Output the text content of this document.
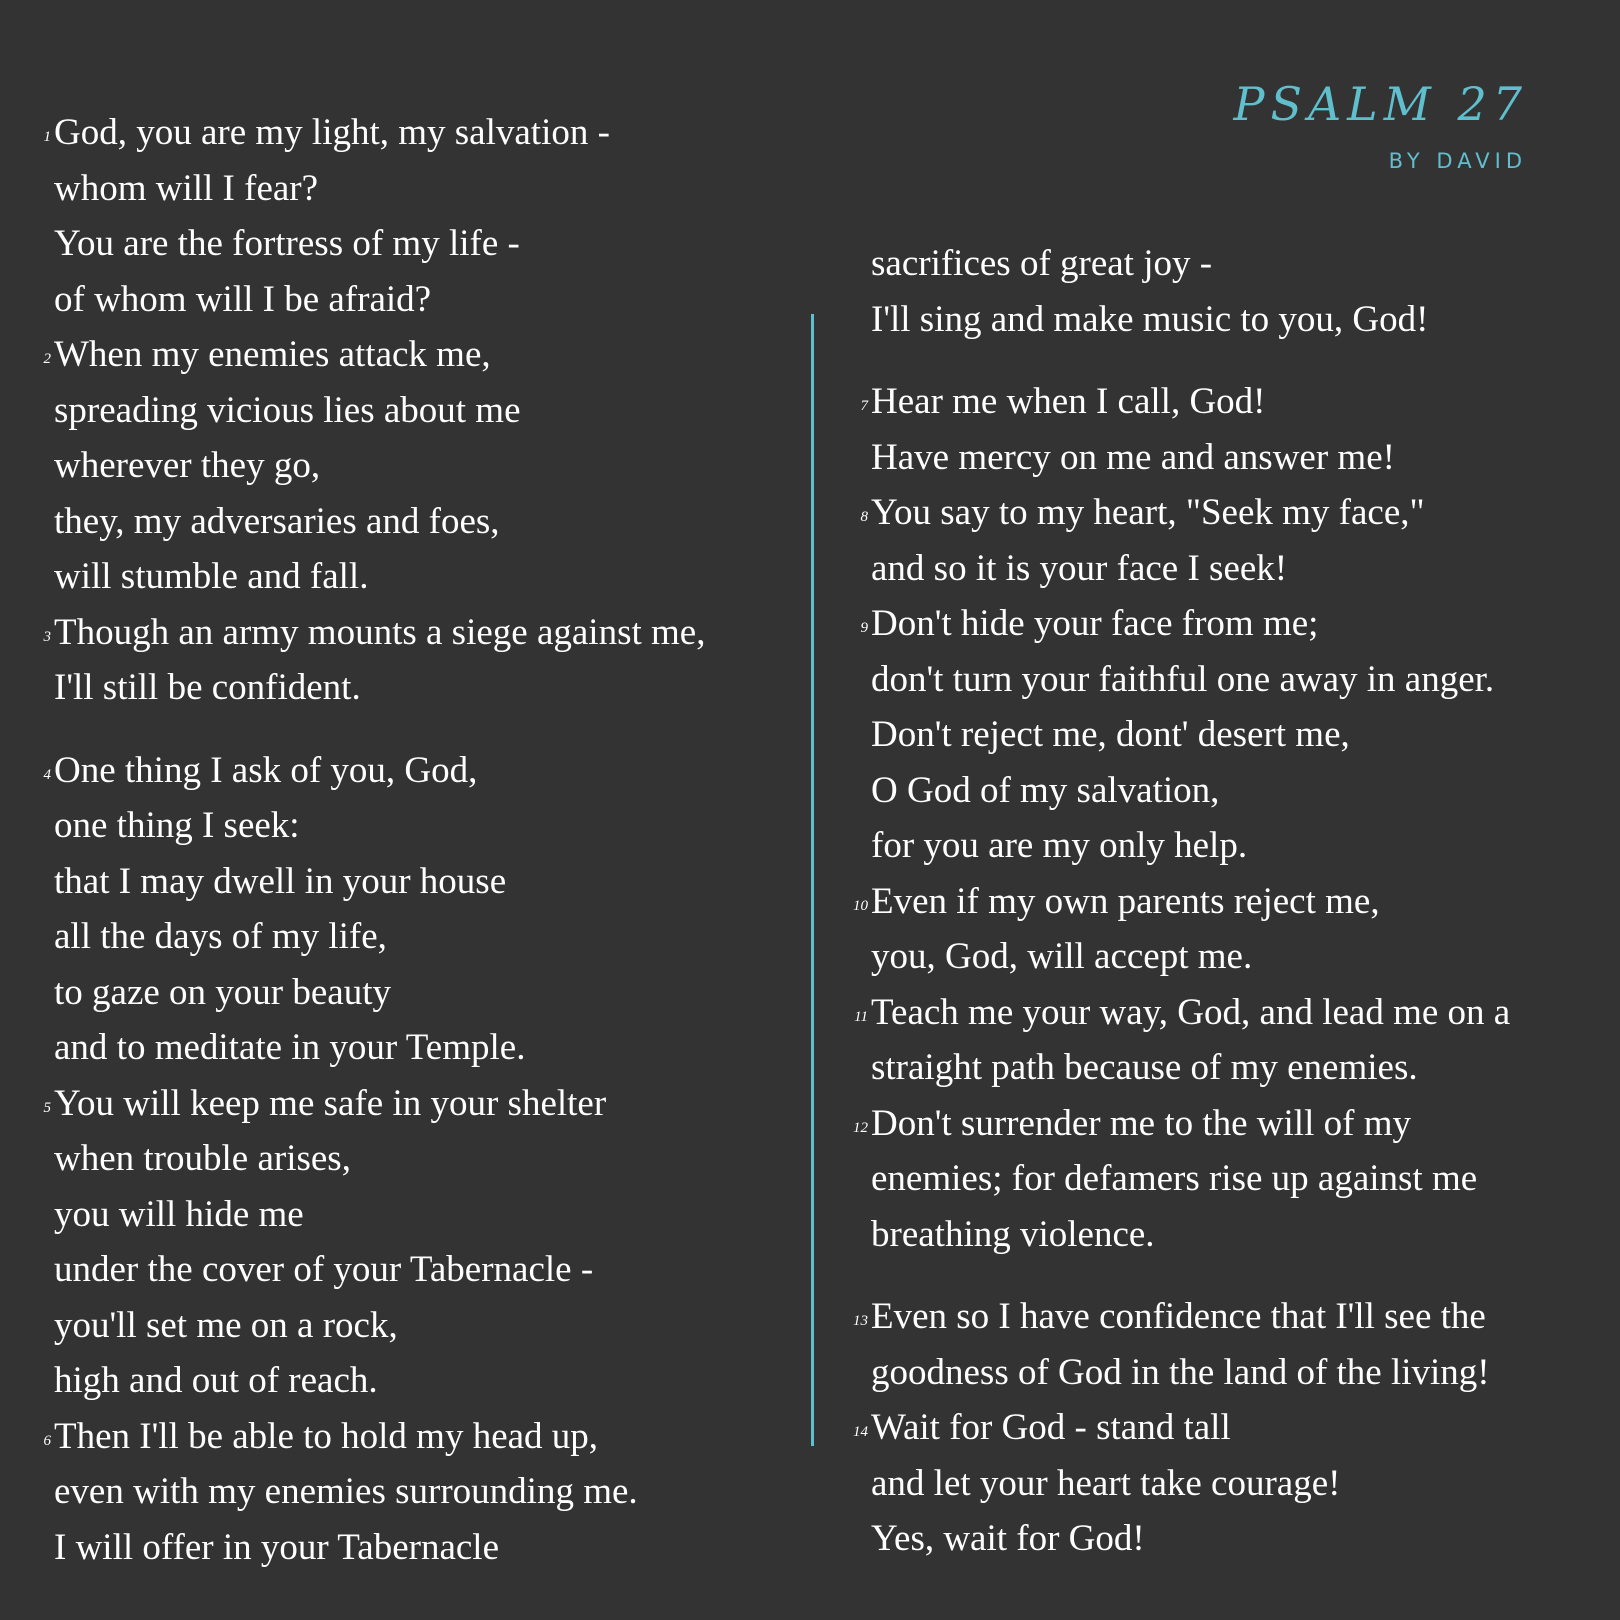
PSALM 27
BY DAVID
1 God, you are my light, my salvation -
whom will I fear?
You are the fortress of my life -
of whom will I be afraid?
2 When my enemies attack me,
spreading vicious lies about me
wherever they go,
they, my adversaries and foes,
will stumble and fall.
3 Though an army mounts a siege against me,
I'll still be confident.
4 One thing I ask of you, God,
one thing I seek:
that I may dwell in your house
all the days of my life,
to gaze on your beauty
and to meditate in your Temple.
5 You will keep me safe in your shelter
when trouble arises,
you will hide me
under the cover of your Tabernacle -
you'll set me on a rock,
high and out of reach.
6 Then I'll be able to hold my head up,
even with my enemies surrounding me.
I will offer in your Tabernacle
sacrifices of great joy -
I'll sing and make music to you, God!
7 Hear me when I call, God!
Have mercy on me and answer me!
8 You say to my heart, "Seek my face,"
and so it is your face I seek!
9 Don't hide your face from me;
don't turn your faithful one away in anger.
Don't reject me, dont' desert me,
O God of my salvation,
for you are my only help.
10 Even if my own parents reject me,
you, God, will accept me.
11 Teach me your way, God, and lead me on a
straight path because of my enemies.
12 Don't surrender me to the will of my
enemies; for defamers rise up against me
breathing violence.
13 Even so I have confidence that I'll see the
goodness of God in the land of the living!
14 Wait for God - stand tall
and let your heart take courage!
Yes, wait for God!
